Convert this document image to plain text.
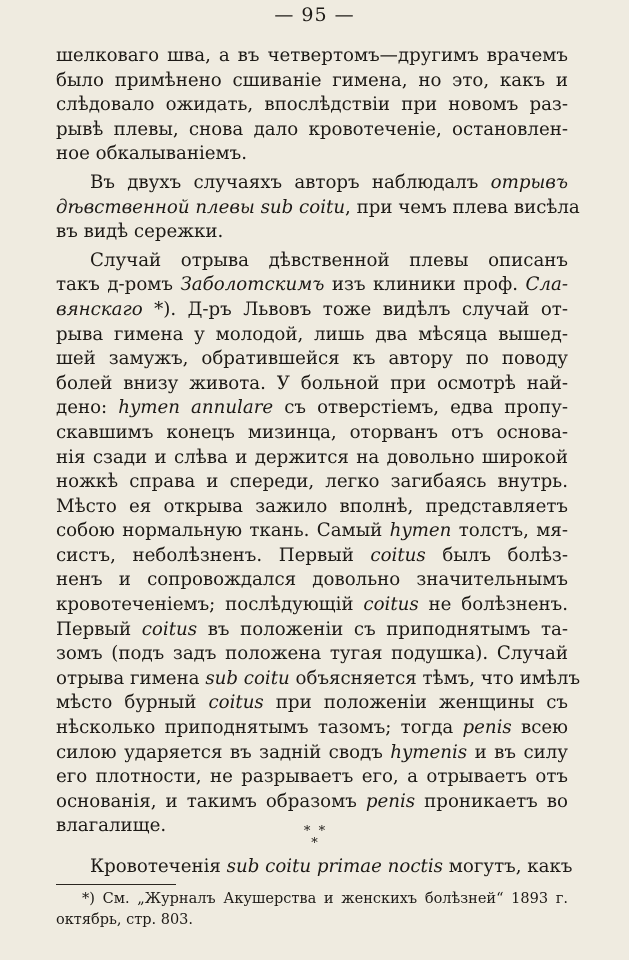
— 95 —
шелковаго шва, а въ четвертомъ—другимъ врачемъ
было примѣнено сшиванiе гимена, но это, какъ и
слѣдовало ожидать, впослѣдствiи при новомъ раз-
рывѣ плевы, снова дало кровотеченiе, остановлен-
ное обкалыванiемъ.
Въ двухъ случаяхъ авторъ наблюдалъ отрывъ
дѣвственной плевы sub coitu, при чемъ плева висѣла
въ видѣ сережки.
Случай отрыва дѣвственной плевы описанъ
такъ д-ромъ Заболотскимъ изъ клиники проф. Сла-
вянскаго *). Д-ръ Львовъ тоже видѣлъ случай от-
рыва гимена у молодой, лишь два мѣсяца вышед-
шей замужъ, обратившейся къ автору по поводу
болей внизу живота. У больной при осмотрѣ най-
дено: hymen annulare съ отверстiемъ, едва пропу-
скавшимъ конецъ мизинца, оторванъ отъ основа-
нiя сзади и слѣва и держится на довольно широкой
ножкѣ справа и спереди, легко загибаясь внутрь.
Мѣсто ея открыва зажило вполнѣ, представляетъ
собою нормальную ткань. Самый hymen толстъ, мя-
систъ, неболѣзненъ. Первый coitus былъ болѣз-
ненъ и сопровождался довольно значительнымъ
кровотеченiемъ; послѣдующiй coitus не болѣзненъ.
Первый coitus въ положенiи съ приподнятымъ та-
зомъ (подъ задъ положена тугая подушка). Случай
отрыва гимена sub coitu объясняется тѣмъ, что имѣлъ
мѣсто бурный coitus при положенiи женщины съ
нѣсколько приподнятымъ тазомъ; тогда penis всею
силою ударяется въ заднiй сводъ hymenis и въ силу
его плотности, не разрываетъ его, а отрываетъ отъ
основанiя, и такимъ образомъ penis проникаетъ во
влагалище.	*  *
*
Кровотеченiя sub coitu primae noctis могутъ, какъ
*) См. „Журналъ Акушерства и женскихъ болѣзней“ 1893 г.
октябрь, стр. 803.
